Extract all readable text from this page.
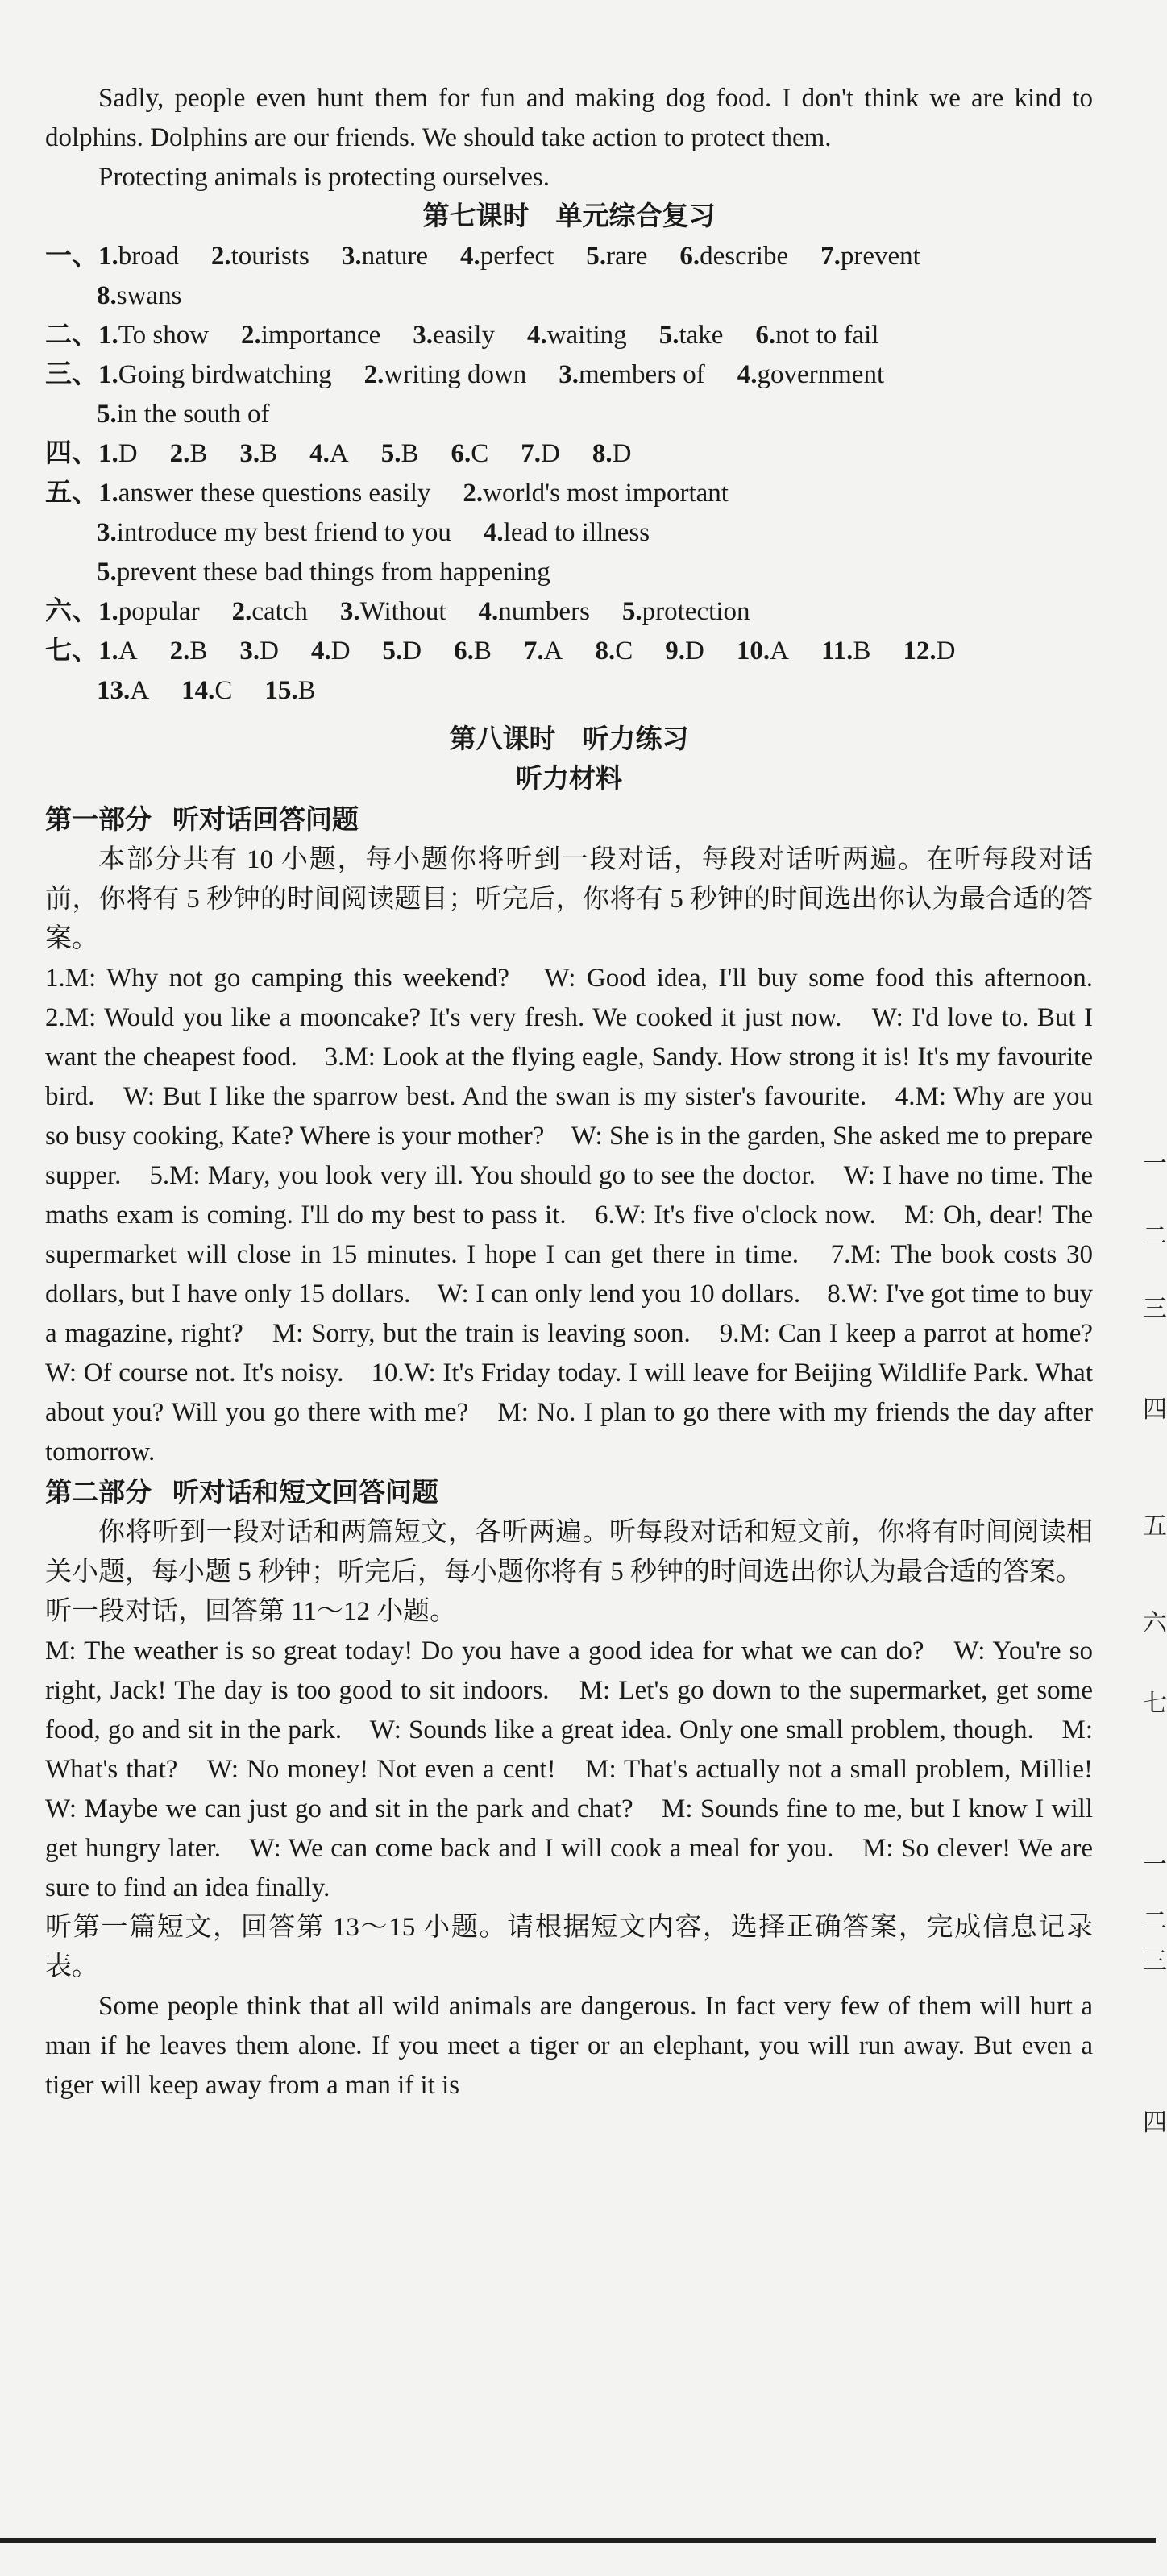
Sadly, people even hunt them for fun and making dog food. I don't think we are kind to dolphins. Dolphins are our friends. We should take action to protect them.

Protecting animals is protecting ourselves.

第七课时　单元综合复习
一、1.broad 2.tourists 3.nature 4.perfect 5.rare 6.describe 7.prevent
8.swans
二、1.To show 2.importance 3.easily 4.waiting 5.take 6.not to fail
三、1.Going birdwatching 2.writing down 3.members of 4.government
5.in the south of
四、1.D 2.B 3.B 4.A 5.B 6.C 7.D 8.D
五、1.answer these questions easily 2.world's most important
3.introduce my best friend to you 4.lead to illness
5.prevent these bad things from happening
六、1.popular 2.catch 3.Without 4.numbers 5.protection
七、1.A 2.B 3.D 4.D 5.D 6.B 7.A 8.C 9.D 10.A 11.B 12.D
13.A 14.C 15.B
第八课时　听力练习
听力材料
第一部分 听对话回答问题

本部分共有 10 小题，每小题你将听到一段对话，每段对话听两遍。在听每段对话前，你将有 5 秒钟的时间阅读题目；听完后，你将有 5 秒钟的时间选出你认为最合适的答案。

1.M: Why not go camping this weekend?　W: Good idea, I'll buy some food this afternoon.　2.M: Would you like a mooncake? It's very fresh. We cooked it just now.　W: I'd love to. But I want the cheapest food.　3.M: Look at the flying eagle, Sandy. How strong it is! It's my favourite bird.　W: But I like the sparrow best. And the swan is my sister's favourite.　4.M: Why are you so busy cooking, Kate? Where is your mother?　W: She is in the garden, She asked me to prepare supper.　5.M: Mary, you look very ill. You should go to see the doctor.　W: I have no time. The maths exam is coming. I'll do my best to pass it.　6.W: It's five o'clock now.　M: Oh, dear! The supermarket will close in 15 minutes. I hope I can get there in time.　7.M: The book costs 30 dollars, but I have only 15 dollars.　W: I can only lend you 10 dollars.　8.W: I've got time to buy a magazine, right?　M: Sorry, but the train is leaving soon.　9.M: Can I keep a parrot at home?　W: Of course not. It's noisy.　10.W: It's Friday today. I will leave for Beijing Wildlife Park. What about you? Will you go there with me?　M: No. I plan to go there with my friends the day after tomorrow.

第二部分 听对话和短文回答问题

你将听到一段对话和两篇短文，各听两遍。听每段对话和短文前，你将有时间阅读相关小题，每小题 5 秒钟；听完后，每小题你将有 5 秒钟的时间选出你认为最合适的答案。

听一段对话，回答第 11～12 小题。

M: The weather is so great today! Do you have a good idea for what we can do?　W: You're so right, Jack! The day is too good to sit indoors.　M: Let's go down to the supermarket, get some food, go and sit in the park.　W: Sounds like a great idea. Only one small problem, though.　M: What's that?　W: No money! Not even a cent!　M: That's actually not a small problem, Millie!　W: Maybe we can just go and sit in the park and chat?　M: Sounds fine to me, but I know I will get hungry later.　W: We can come back and I will cook a meal for you.　M: So clever! We are sure to find an idea finally.

听第一篇短文，回答第 13～15 小题。请根据短文内容，选择正确答案，完成信息记录表。

Some people think that all wild animals are dangerous. In fact very few of them will hurt a man if he leaves them alone. If you meet a tiger or an elephant, you will run away. But even a tiger will keep away from a man if it is

一
二
三
四
五
六
七
一
二
三
四
